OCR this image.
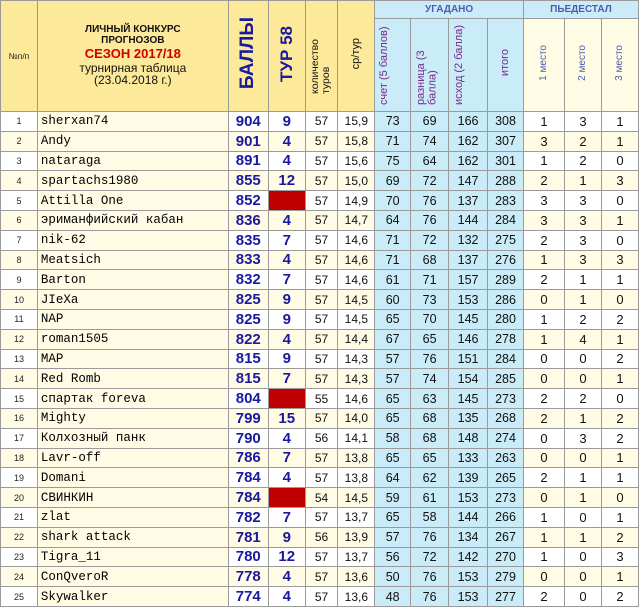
№п/п	ЛИЧНЫЙ КОНКУРС
ПРОГНОЗОВ
СЕЗОН 2017/18
турнирная таблица
(23.04.2018 г.)	БАЛЛЫ	ТУР 58	количество туров	ср/тур	УГАДАНО				ПЬЕДЕСТАЛ		
						счет (5 баллов)	разница (3 балла)	исход (2 балла)	итого	1 место	2 место	3 место
1	sherxan74	904	9	57	15,9	73	69	166	308	1	3	1
2	Andy	901	4	57	15,8	71	74	162	307	3	2	1
3	nataraga	891	4	57	15,6	75	64	162	301	1	2	0
4	spartachs1980	855	12	57	15,0	69	72	147	288	2	1	3
5	Attilla One	852		57	14,9	70	76	137	283	3	3	0
6	эриманфийский кабан	836	4	57	14,7	64	76	144	284	3	3	1
7	nik-62	835	7	57	14,6	71	72	132	275	2	3	0
8	Meatsich	833	4	57	14,6	71	68	137	276	1	3	3
9	Barton	832	7	57	14,6	61	71	157	289	2	1	1
10	JIeXa	825	9	57	14,5	60	73	153	286	0	1	0
11	NAP	825	9	57	14,5	65	70	145	280	1	2	2
12	roman1505	822	4	57	14,4	67	65	146	278	1	4	1
13	MAP	815	9	57	14,3	57	76	151	284	0	0	2
14	Red Romb	815	7	57	14,3	57	74	154	285	0	0	1
15	спартак foreva	804		55	14,6	65	63	145	273	2	2	0
16	Mighty	799	15	57	14,0	65	68	135	268	2	1	2
17	Колхозный панк	790	4	56	14,1	58	68	148	274	0	3	2
18	Lavr-off	786	7	57	13,8	65	65	133	263	0	0	1
19	Domani	784	4	57	13,8	64	62	139	265	2	1	1
20	СВИНКИН	784		54	14,5	59	61	153	273	0	1	0
21	zlat	782	7	57	13,7	65	58	144	266	1	0	1
22	shark attack	781	9	56	13,9	57	76	134	267	1	1	2
23	Tigra_11	780	12	57	13,7	56	72	142	270	1	0	3
24	ConQveroR	778	4	57	13,6	50	76	153	279	0	0	1
25	Skywalker	774	4	57	13,6	48	76	153	277	2	0	2
